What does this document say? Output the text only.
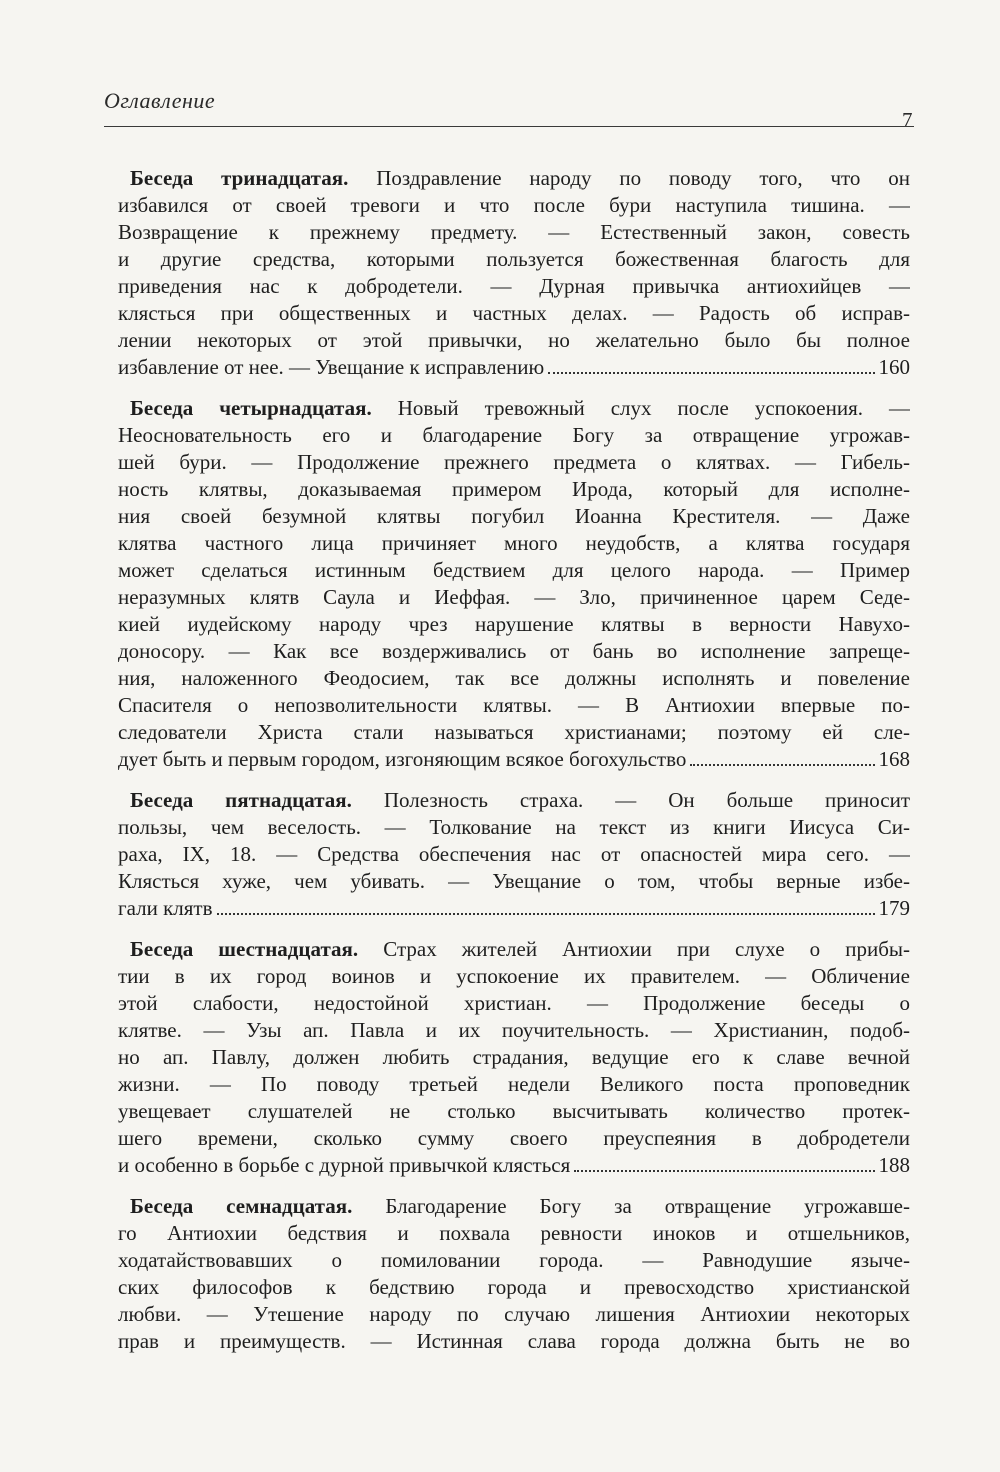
Оглавление
7
Беседа тринадцатая. Поздравление народу по поводу того, что он
избавился от своей тревоги и что после бури наступила тишина. —
Возвращение к прежнему предмету. — Естественный закон, совесть
и другие средства, которыми пользуется божественная благость для
приведения нас к добродетели. — Дурная привычка антиохийцев —
клясться при общественных и частных делах. — Радость об исправ-
лении некоторых от этой привычки, но желательно было бы полное
избавление от нее. — Увещание к исправлению	160
Беседа четырнадцатая. Новый тревожный слух после успокоения. —
Неосновательность его и благодарение Богу за отвращение угрожав-
шей бури. — Продолжение прежнего предмета о клятвах. — Гибель-
ность клятвы, доказываемая примером Ирода, который для исполне-
ния своей безумной клятвы погубил Иоанна Крестителя. — Даже
клятва частного лица причиняет много неудобств, а клятва государя
может сделаться истинным бедствием для целого народа. — Пример
неразумных клятв Саула и Иеффая. — Зло, причиненное царем Седе-
кией иудейскому народу чрез нарушение клятвы в верности Навухо-
доносору. — Как все воздерживались от бань во исполнение запреще-
ния, наложенного Феодосием, так все должны исполнять и повеление
Спасителя о непозволительности клятвы. — В Антиохии впервые по-
следователи Христа стали называться христианами; поэтому ей сле-
дует быть и первым городом, изгоняющим всякое богохульство	168
Беседа пятнадцатая. Полезность страха. — Он больше приносит
пользы, чем веселость. — Толкование на текст из книги Иисуса Си-
раха, IX, 18. — Средства обеспечения нас от опасностей мира сего. —
Клясться хуже, чем убивать. — Увещание о том, чтобы верные избе-
гали клятв	179
Беседа шестнадцатая. Страх жителей Антиохии при слухе о прибы-
тии в их город воинов и успокоение их правителем. — Обличение
этой слабости, недостойной христиан. — Продолжение беседы о
клятве. — Узы ап. Павла и их поучительность. — Христианин, подоб-
но ап. Павлу, должен любить страдания, ведущие его к славе вечной
жизни. — По поводу третьей недели Великого поста проповедник
увещевает слушателей не столько высчитывать количество протек-
шего времени, сколько сумму своего преуспеяния в добродетели
и особенно в борьбе с дурной привычкой клясться	188
Беседа семнадцатая. Благодарение Богу за отвращение угрожавше-
го Антиохии бедствия и похвала ревности иноков и отшельников,
ходатайствовавших о помиловании города. — Равнодушие языче-
ских философов к бедствию города и превосходство христианской
любви. — Утешение народу по случаю лишения Антиохии некоторых
прав и преимуществ. — Истинная слава города должна быть не во
